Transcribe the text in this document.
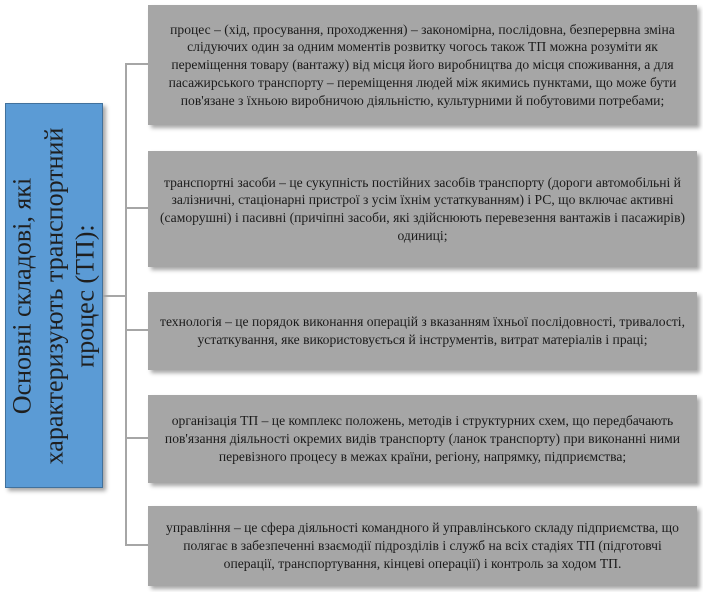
Основні складові, які характеризують транспортний процес (ТП):
процес – (хід, просування, проходження) – закономірна, послідовна, безперервна зміна слідуючих один за одним моментів розвитку чогось також ТП можна розуміти як переміщення товару (вантажу) від місця його виробництва до місця споживання, а для пасажирського транспорту – переміщення людей між якимись пунктами, що може бути пов'язане з їхньою виробничою діяльністю, культурними й побутовими потребами;
транспортні засоби – це сукупність постійних засобів транспорту (дороги автомобільні й залізничні, стаціонарні пристрої з усім їхнім устаткуванням) і РС, що включає активні (саморушні) і пасивні (причіпні засоби, які здійснюють перевезення вантажів і пасажирів) одиниці;
технологія – це порядок виконання операцій з вказанням їхньої послідовності, тривалості, устаткування, яке використовується й інструментів, витрат матеріалів і праці;
організація ТП – це комплекс положень, методів і структурних схем, що передбачають пов'язання діяльності окремих видів транспорту (ланок транспорту) при виконанні ними перевізного процесу в межах країни, регіону, напрямку, підприємства;
управління – це сфера діяльності командного й управлінського складу підприємства, що полягає в забезпеченні взаємодії підрозділів і служб на всіх стадіях ТП (підготовчі операції, транспортування, кінцеві операції) і контроль за ходом ТП.
